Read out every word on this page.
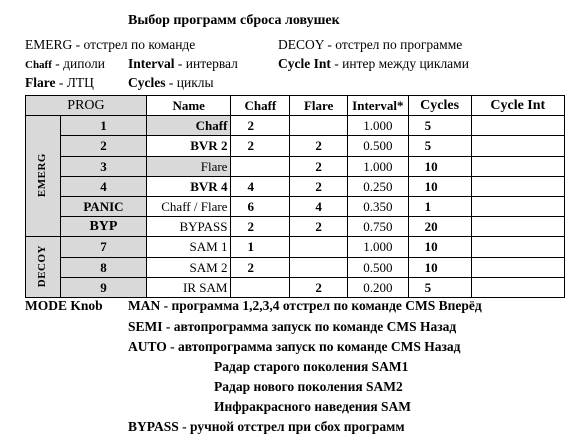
Выбор программ сброса ловушек
EMERG - отстрел по команде	DECOY - отстрел по программе
Chaff - диполи Interval - интервал	Cycle Int - интер между циклами
Flare - ЛТЦ	Cycles - циклы
PROG		Name	Chaff	Flare	Interval*	Cycles	Cycle Int
EMERG	1	Chaff	2		1.000	5	
	2	BVR 2	2	2	0.500	5	
	3	Flare		2	1.000	10	
	4	BVR 4	4	2	0.250	10	
	PANIC	Chaff / Flare	6	4	0.350	1	
	BYP	BYPASS	2	2	0.750	20	
DECOY	7	SAM 1	1		1.000	10	
	8	SAM 2	2		0.500	10	
	9	IR SAM		2	0.200	5	
MODE Knob MAN - программа 1,2,3,4 отстрел по команде CMS Вперёд
SEMI - автопрограмма запуск по команде CMS Назад
AUTO - автопрограмма запуск по команде CMS Назад
Радар старого поколения SAM1
Радар нового поколения SAM2
Инфракрасного наведения SAM
BYPASS - ручной отстрел при сбох программ
